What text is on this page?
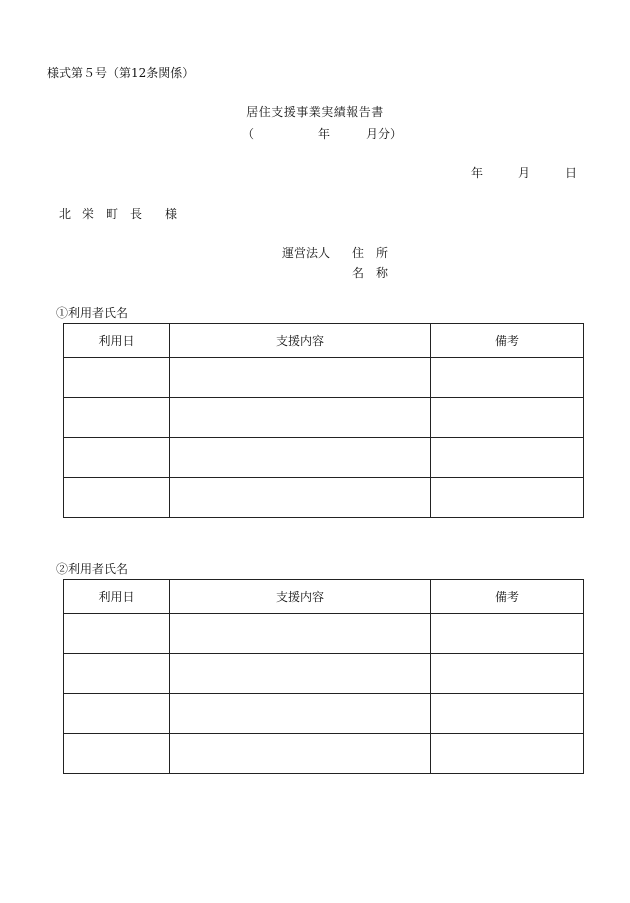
様式第５号（第12条関係）
居住支援事業実績報告書
（	年	月分）
年	月	日
北 栄 町 長 様
運営法人 住　所
名　称
①利用者氏名
利用日	支援内容	備考

②利用者氏名
利用日	支援内容	備考
